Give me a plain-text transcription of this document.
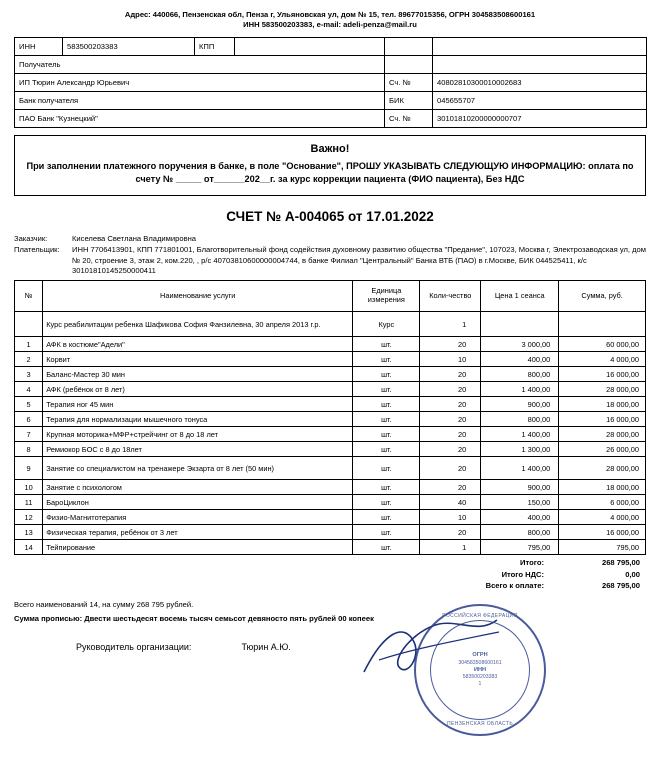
Адрес: 440066, Пензенская обл, Пенза г, Ульяновская ул, дом № 15, тел. 89677015356, ОГРН 304583508600161
ИНН 583500203383, e-mail: adeli-penza@mail.ru
ИНН	583500203383	КПП			
Получатель					
ИП Тюрин Александр Юрьевич				Сч. №	40802810300010002683
Банк получателя				БИК	045655707
ПАО Банк "Кузнецкий"				Сч. №	30101810200000000707
Важно!
При заполнении платежного поручения в банке, в поле "Основание", ПРОШУ УКАЗЫВАТЬ СЛЕДУЮЩУЮ ИНФОРМАЦИЮ: оплата по счету № _____ от______202__г. за курс коррекции пациента (ФИО пациента), Без НДС
СЧЕТ № А-004065 от 17.01.2022
Заказчик:	Киселева Светлана Владимировна
Плательщик:	ИНН 7706413901, КПП 771801001, Благотворительный фонд содействия духовному развитию общества "Предание", 107023, Москва г, Электрозаводская ул, дом № 20, строение 3, этаж 2, ком.220, , р/с 40703810600000004744, в банке Филиал "Центральный" Банка ВТБ (ПАО) в г.Москве, БИК 044525411, к/с 30101810145250000411
№	Наименование услуги	Единица измерения	Коли-чество	Цена 1 сеанса	Сумма, руб.
	Курс реабилитации ребенка Шафикова София Фанзилевна, 30 апреля 2013 г.р.	Курс	1		
1	АФК в костюме"Адели"	шт.	20	3 000,00	60 000,00
2	Корвит	шт.	10	400,00	4 000,00
3	Баланс-Мастер 30 мин	шт.	20	800,00	16 000,00
4	АФК (ребёнок от 8 лет)	шт.	20	1 400,00	28 000,00
5	Терапия ног 45 мин	шт.	20	900,00	18 000,00
6	Терапия для нормализации мышечного тонуса	шт.	20	800,00	16 000,00
7	Крупная моторика+МФР+стрейчинг от 8 до 18 лет	шт.	20	1 400,00	28 000,00
8	Ремиокор БОС с 8 до 18лет	шт.	20	1 300,00	26 000,00
9	Занятие со специалистом на тренажере Экзарта от 8 лет (50 мин)	шт.	20	1 400,00	28 000,00
10	Занятие с психологом	шт.	20	900,00	18 000,00
11	БароЦиклон	шт.	40	150,00	6 000,00
12	Физио-Магнитотерапия	шт.	10	400,00	4 000,00
13	Физическая терапия, ребёнок от 3 лет	шт.	20	800,00	16 000,00
14	Тейпирование	шт.	1	795,00	795,00
Итого:	268 795,00
Итого НДС:	0,00
Всего к оплате:	268 795,00
Всего наименований 14, на сумму 268 795 рублей.
Сумма прописью: Двести шестьдесят восемь тысяч семьсот девяносто пять рублей 00 копеек
Руководитель организации:	Тюрин А.Ю.
РОССИЙСКАЯ ФЕДЕРАЦИЯ
ПЕНЗЕНСКАЯ ОБЛАСТЬ
ОГРН
304583508600161
ИНН
583500203383
1
